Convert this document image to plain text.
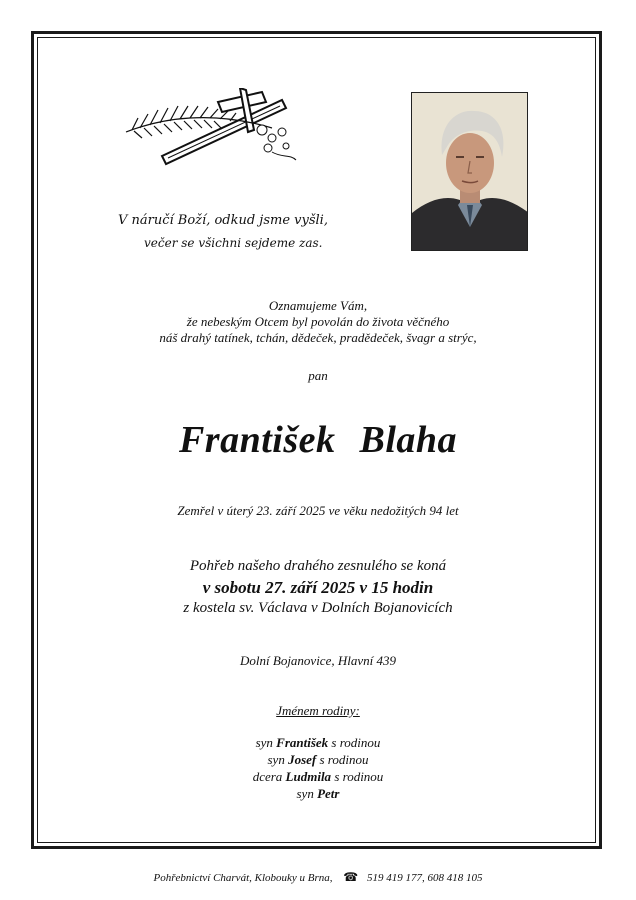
V náručí Boží, odkud jsme vyšli,
večer se všichni sejdeme zas.
Oznamujeme Vám,
že nebeským Otcem byl povolán do života věčného
náš drahý tatínek, tchán, dědeček, pradědeček, švagr a strýc,
pan
František Blaha
Zemřel v úterý 23. září 2025 ve věku nedožitých 94 let
Pohřeb našeho drahého zesnulého se koná
v sobotu 27. září 2025 v 15 hodin
z kostela sv. Václava v Dolních Bojanovicích
Dolní Bojanovice, Hlavní 439
Jménem rodiny:
syn František s rodinou
syn Josef s rodinou
dcera Ludmila s rodinou
syn Petr
Pohřebnictví Charvát, Klobouky u Brna, ☎ 519 419 177, 608 418 105
